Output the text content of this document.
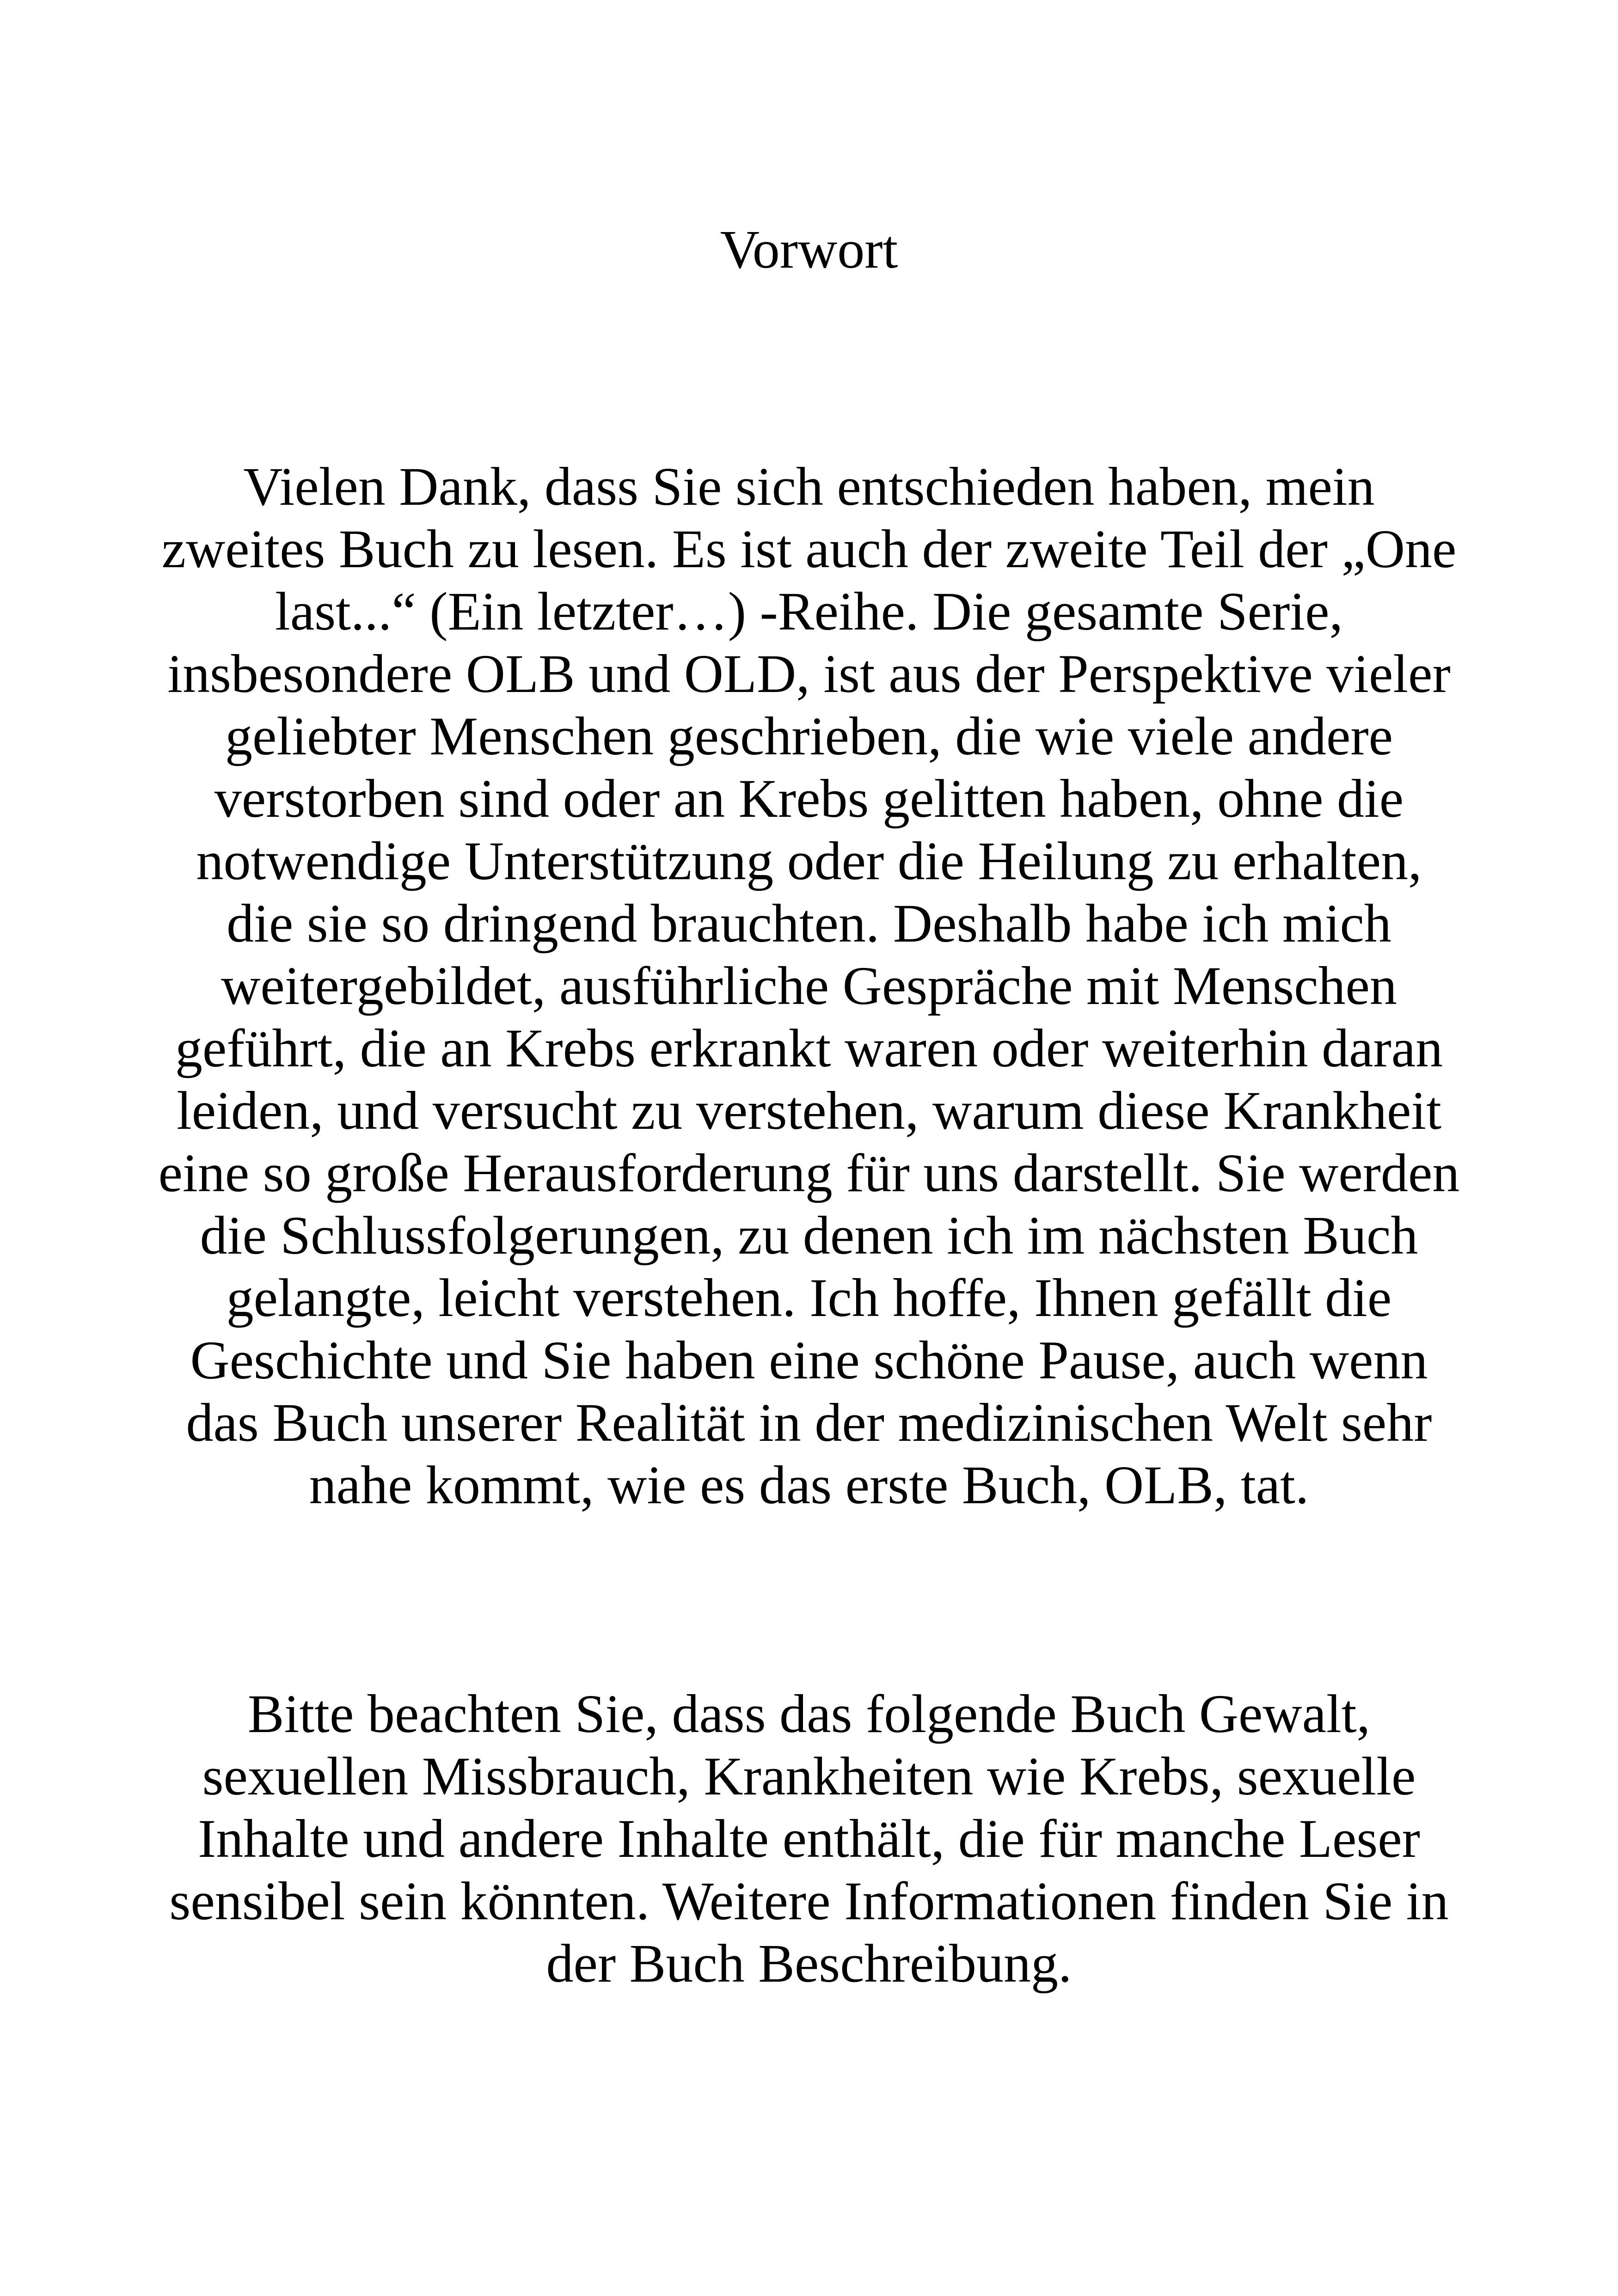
Vorwort
Vielen Dank, dass Sie sich entschieden haben, mein
zweites Buch zu lesen. Es ist auch der zweite Teil der „One
last...“ (Ein letzter…) -Reihe. Die gesamte Serie,
insbesondere OLB und OLD, ist aus der Perspektive vieler
geliebter Menschen geschrieben, die wie viele andere
verstorben sind oder an Krebs gelitten haben, ohne die
notwendige Unterstützung oder die Heilung zu erhalten,
die sie so dringend brauchten. Deshalb habe ich mich
weitergebildet, ausführliche Gespräche mit Menschen
geführt, die an Krebs erkrankt waren oder weiterhin daran
leiden, und versucht zu verstehen, warum diese Krankheit
eine so große Herausforderung für uns darstellt. Sie werden
die Schlussfolgerungen, zu denen ich im nächsten Buch
gelangte, leicht verstehen. Ich hoffe, Ihnen gefällt die
Geschichte und Sie haben eine schöne Pause, auch wenn
das Buch unserer Realität in der medizinischen Welt sehr
nahe kommt, wie es das erste Buch, OLB, tat.
Bitte beachten Sie, dass das folgende Buch Gewalt,
sexuellen Missbrauch, Krankheiten wie Krebs, sexuelle
Inhalte und andere Inhalte enthält, die für manche Leser
sensibel sein könnten. Weitere Informationen finden Sie in
der Buch Beschreibung.
